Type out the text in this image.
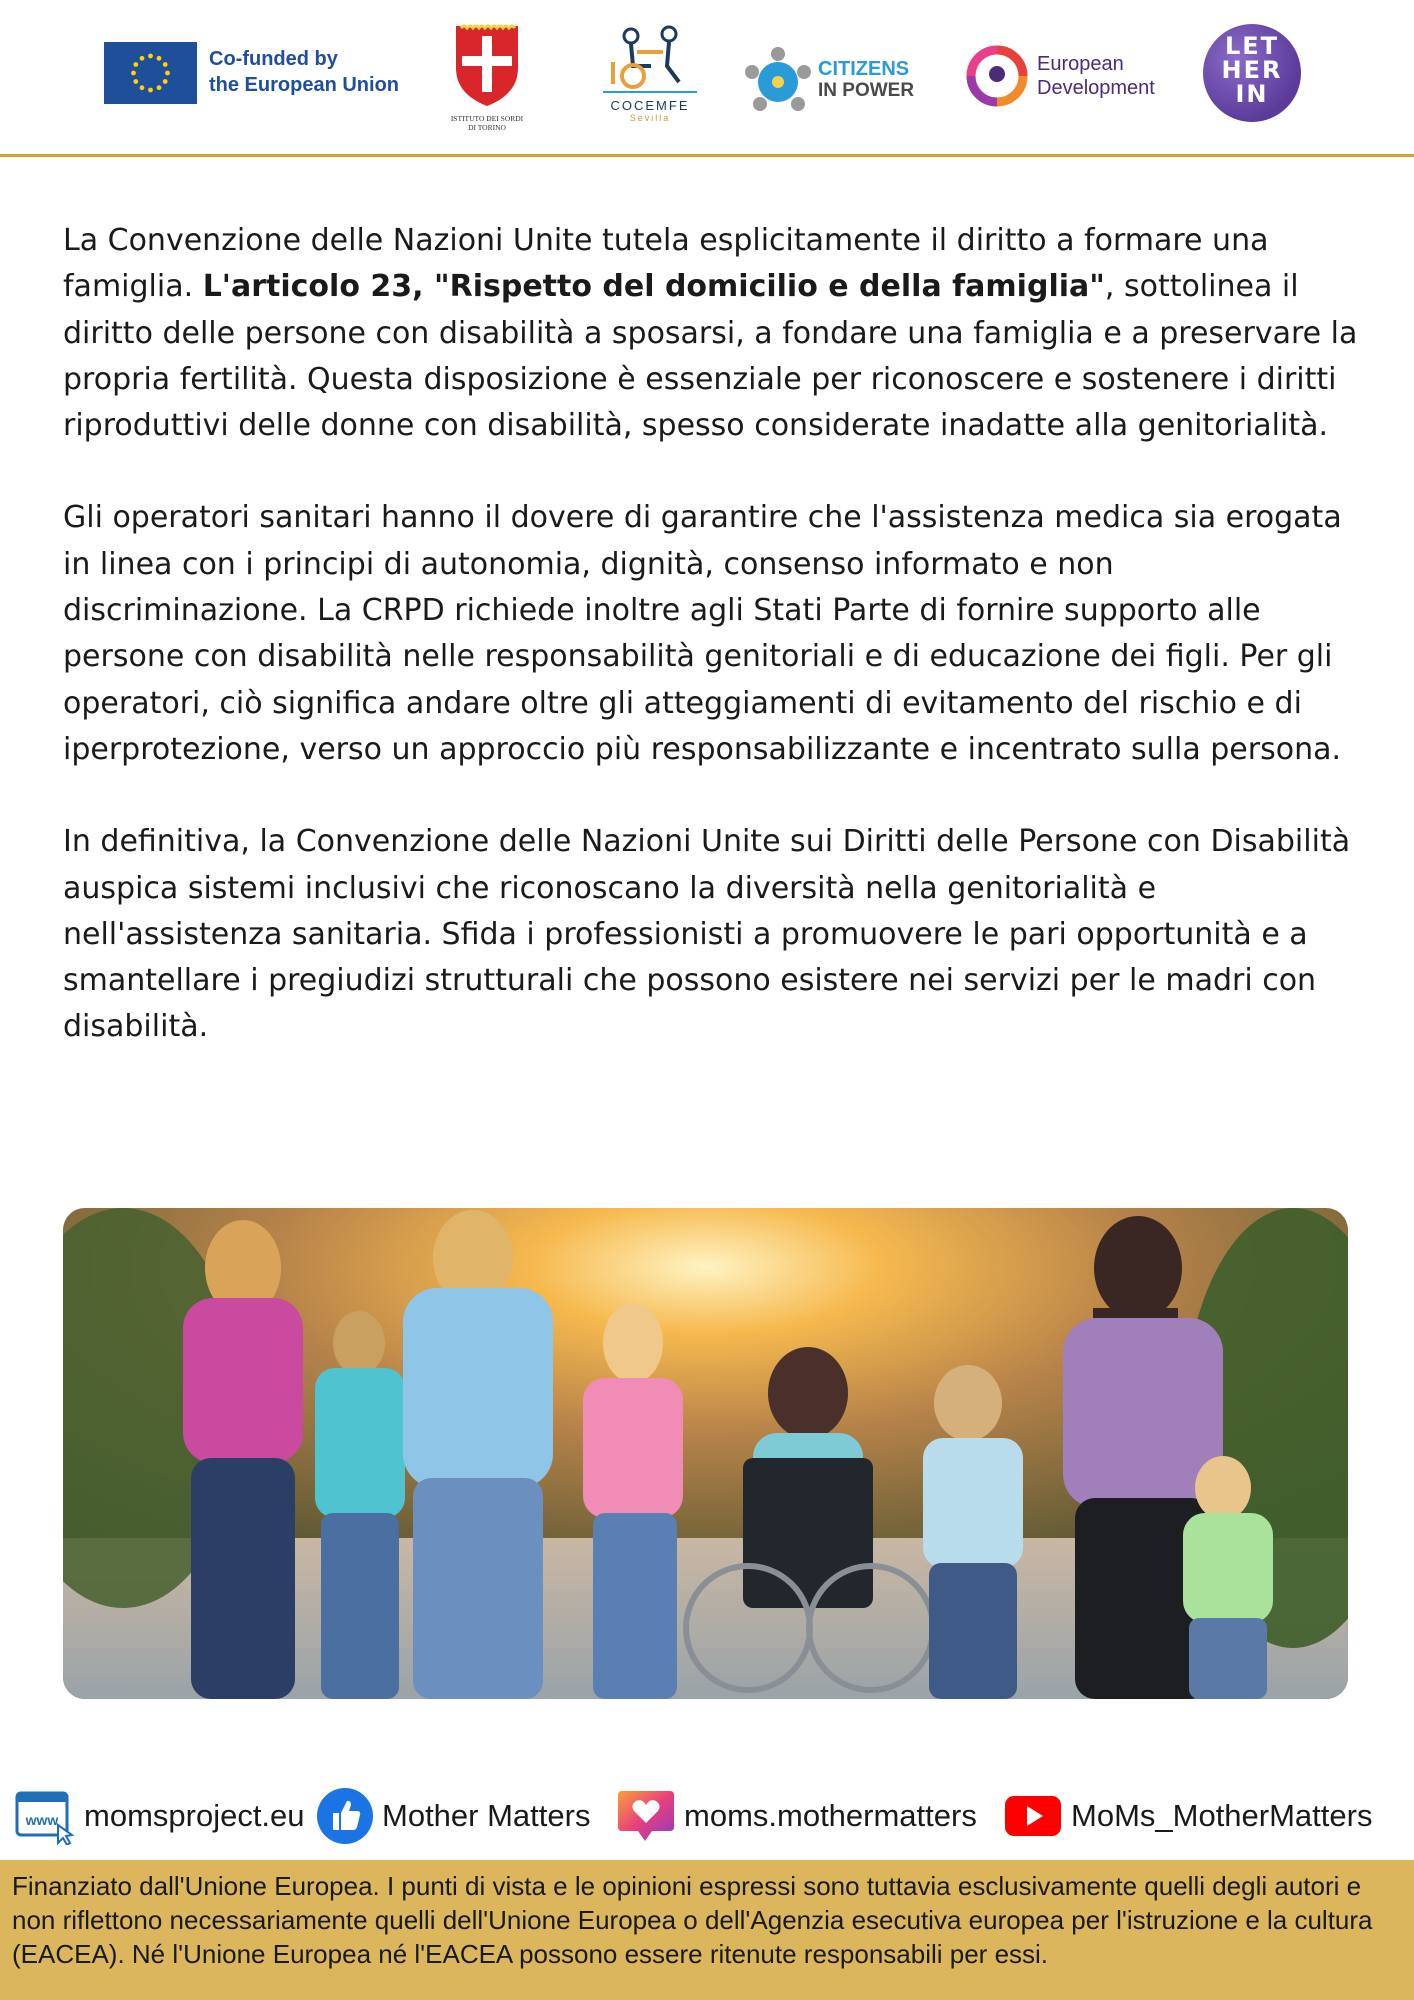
Co-funded by
the European Union
ISTITUTO DEI SORDI
DI TORINO
COCEMFE
Sevilla
CITIZENS
IN POWER
European
Development
LET
HER
IN

La Convenzione delle Nazioni Unite tutela esplicitamente il diritto a formare una famiglia. L'articolo 23, "Rispetto del domicilio e della famiglia", sottolinea il diritto delle persone con disabilità a sposarsi, a fondare una famiglia e a preservare la propria fertilità. Questa disposizione è essenziale per riconoscere e sostenere i diritti riproduttivi delle donne con disabilità, spesso considerate inadatte alla genitorialità.

Gli operatori sanitari hanno il dovere di garantire che l'assistenza medica sia erogata in linea con i principi di autonomia, dignità, consenso informato e non discriminazione. La CRPD richiede inoltre agli Stati Parte di fornire supporto alle persone con disabilità nelle responsabilità genitoriali e di educazione dei figli. Per gli operatori, ciò significa andare oltre gli atteggiamenti di evitamento del rischio e di iperprotezione, verso un approccio più responsabilizzante e incentrato sulla persona.

In definitiva, la Convenzione delle Nazioni Unite sui Diritti delle Persone con Disabilità auspica sistemi inclusivi che riconoscano la diversità nella genitorialità e nell'assistenza sanitaria. Sfida i professionisti a promuovere le pari opportunità e a smantellare i pregiudizi strutturali che possono esistere nei servizi per le madri con disabilità.

www momsproject.eu Mother Matters	moms.mothermatters	MoMs_MotherMatters

Finanziato dall'Unione Europea. I punti di vista e le opinioni espressi sono tuttavia esclusivamente quelli degli autori e non riflettono necessariamente quelli dell'Unione Europea o dell'Agenzia esecutiva europea per l'istruzione e la cultura (EACEA). Né l'Unione Europea né l'EACEA possono essere ritenute responsabili per essi.
